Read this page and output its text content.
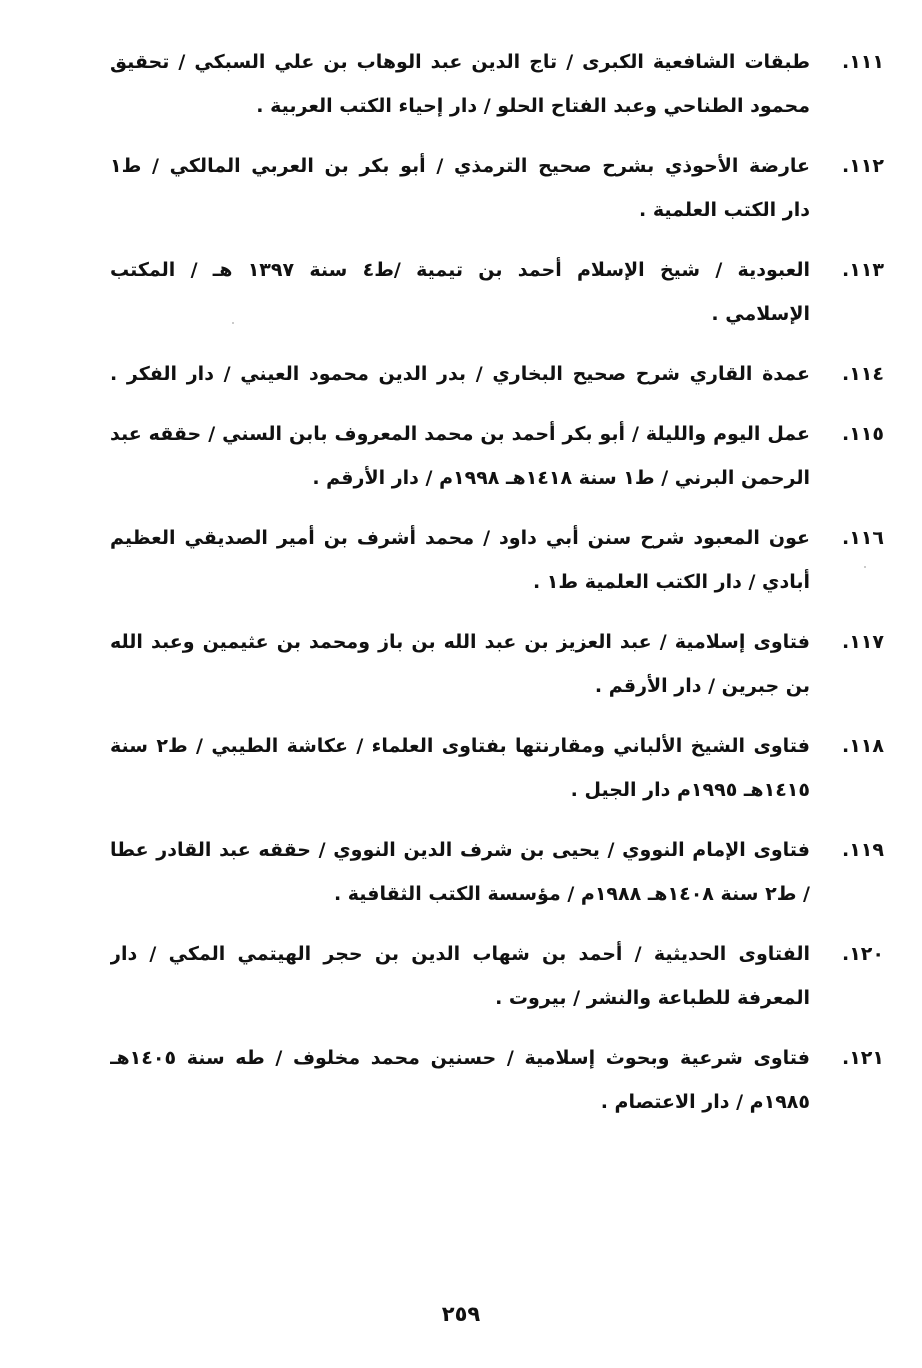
١١١.
طبقات الشافعية الكبرى / تاج الدين عبد الوهاب بن علي السبكي / تحقيق
محمود الطناحي وعبد الفتاح الحلو / دار إحياء الكتب العربية .
١١٢.
عارضة الأحوذي بشرح صحيح الترمذي / أبو بكر بن العربي المالكي / ط١
دار الكتب العلمية .
١١٣.
العبودية / شيخ الإسلام أحمد بن تيمية /ط٤ سنة ١٣٩٧ هـ / المكتب
الإسلامي .
١١٤.
عمدة القاري شرح صحيح البخاري / بدر الدين محمود العيني / دار الفكر .
١١٥.
عمل اليوم والليلة / أبو بكر أحمد بن محمد المعروف بابن السني / حققه عبد
الرحمن البرني / ط١ سنة ١٤١٨هـ ١٩٩٨م / دار الأرقم .
١١٦.
عون المعبود شرح سنن أبي داود / محمد أشرف بن أمير الصديقي العظيم
أبادي / دار الكتب العلمية ط١ .
١١٧.
فتاوى إسلامية / عبد العزيز بن عبد الله بن باز ومحمد بن عثيمين وعبد الله
بن جبرين / دار الأرقم .
١١٨.
فتاوى الشيخ الألباني ومقارنتها بفتاوى العلماء / عكاشة الطيبي / ط٢ سنة
١٤١٥هـ ١٩٩٥م دار الجيل .
١١٩.
فتاوى الإمام النووي / يحيى بن شرف الدين النووي / حققه عبد القادر عطا
/ ط٢ سنة ١٤٠٨هـ ١٩٨٨م / مؤسسة الكتب الثقافية .
١٢٠.
الفتاوى الحديثية / أحمد بن شهاب الدين بن حجر الهيتمي المكي / دار
المعرفة للطباعة والنشر / بيروت .
١٢١.
فتاوى شرعية وبحوث إسلامية / حسنين محمد مخلوف / طه سنة ١٤٠٥هـ
١٩٨٥م / دار الاعتصام .
٢٥٩
